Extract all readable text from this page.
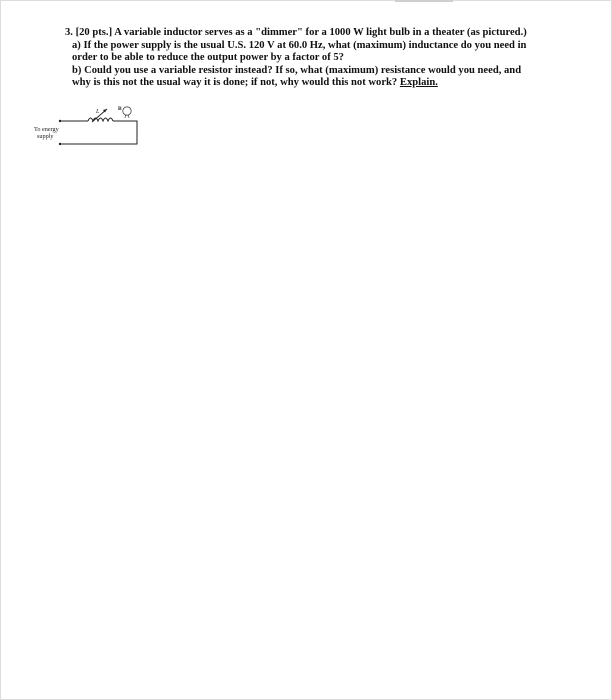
3. [20 pts.] A variable inductor serves as a "dimmer" for a 1000 W light bulb in a theater (as pictured.)
a) If the power supply is the usual U.S. 120 V at 60.0 Hz, what (maximum) inductance do you need in
order to be able to reduce the output power by a factor of 5?
b) Could you use a variable resistor instead? If so, what (maximum) resistance would you need, and
why is this not the usual way it is done; if not, why would this not work? Explain.
L	B
To energy
supply
